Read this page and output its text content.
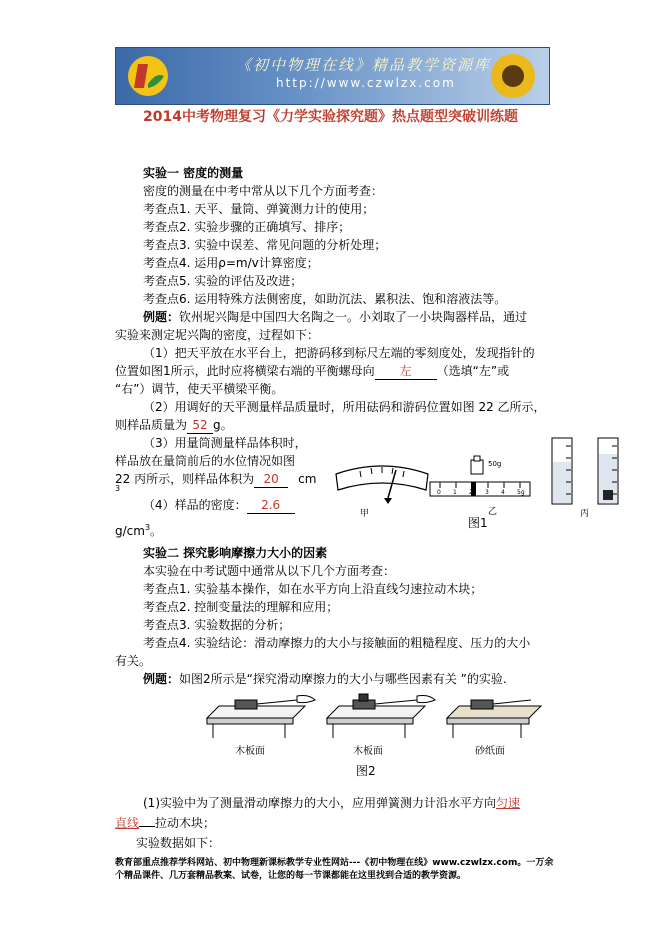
《初中物理在线》精品教学资源库
http://www.czwlzx.com
2014中考物理复习《力学实验探究题》热点题型突破训练题
实验一 密度的测量
密度的测量在中考中常从以下几个方面考查：
考查点1. 天平、量筒、弹簧测力计的使用；
考查点2. 实验步骤的正确填写、排序；
考查点3. 实验中误差、常见问题的分析处理；
考查点4. 运用ρ=m/v计算密度；
考查点5. 实验的评估及改进；
考查点6. 运用特殊方法侧密度，如助沉法、累积法、饱和溶液法等。
例题：钦州坭兴陶是中国四大名陶之一。小刘取了一小块陶器样品，通过
实验来测定坭兴陶的密度，过程如下：
（1）把天平放在水平台上，把游码移到标尺左端的零刻度处，发现指针的
位置如图1所示，此时应将横梁右端的平衡螺母向 左 （选填“左”或
“右”）调节，使天平横梁平衡。
（2）用调好的天平测量样品质量时，所用砝码和游码位置如图 22 乙所示，
则样品质量为 52 g。
（3）用量筒测量样品体积时，
样品放在量筒前后的水位情况如图
22 丙所示，则样品体积为 20 cm
3
（4）样品的密度： 2.6
$g/cm^3$。
甲
50g
0 1 2 3 4 5g
乙	丙
图1
实验二 探究影响摩擦力大小的因素
本实验在中考试题中通常从以下几个方面考查：
考查点1. 实验基本操作，如在水平方向上沿直线匀速拉动木块；
考查点2. 控制变量法的理解和应用；
考查点3. 实验数据的分析；
考查点4. 实验结论：滑动摩擦力的大小与接触面的粗糙程度、压力的大小
有关。
例题：如图2所示是“探究滑动摩擦力的大小与哪些因素有关 ”的实验.
木板面	木板面	砂纸面
图2
(1)实验中为了测量滑动摩擦力的大小，应用弹簧测力计沿水平方向匀速
直线 拉动木块；
实验数据如下：
教育部重点推荐学科网站、初中物理新课标教学专业性网站---《初中物理在线》www.czwlzx.com。一万余
个精品课件、几万套精品教案、试卷，让您的每一节课都能在这里找到合适的教学资源。
